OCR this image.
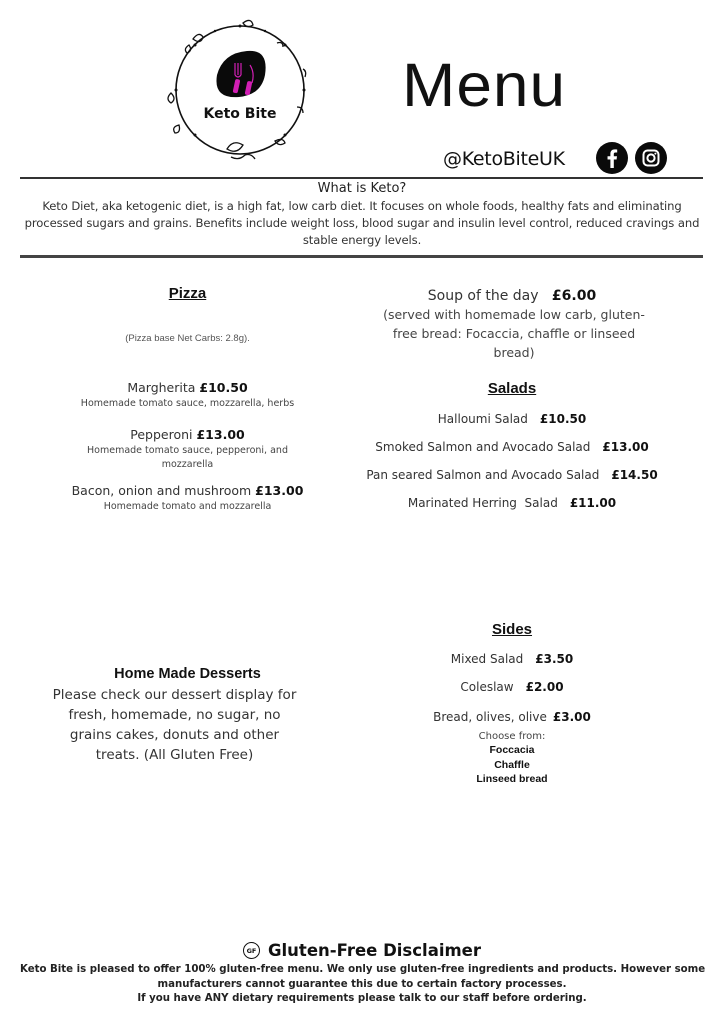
Keto Bite Menu
@KetoBiteUK
What is Keto?
Keto Diet, aka ketogenic diet, is a high fat, low carb diet. It focuses on whole foods, healthy fats and eliminating processed sugars and grains. Benefits include weight loss, blood sugar and insulin level control, reduced cravings and stable energy levels.
Pizza
(Pizza base Net Carbs: 2.8g).
Margherita £10.50
Homemade tomato sauce, mozzarella, herbs
Pepperoni £13.00
Homemade tomato sauce, pepperoni, and mozzarella
Bacon, onion and mushroom £13.00
Homemade tomato and mozzarella
Soup of the day £6.00
(served with homemade low carb, gluten-free bread: Focaccia, chaffle or linseed bread)
Salads
Halloumi Salad £10.50
Smoked Salmon and Avocado Salad £13.00
Pan seared Salmon and Avocado Salad £14.50
Marinated Herring  Salad £11.00
Sides
Mixed Salad £3.50
Coleslaw £2.00
Bread, olives, olive £3.00
Choose from:
Foccacia
Chaffle
Linseed bread
Home Made Desserts
Please check our dessert display for fresh, homemade, no sugar, no grains cakes, donuts and other treats. (All Gluten Free)
GF Gluten-Free Disclaimer
Keto Bite is pleased to offer 100% gluten-free menu. We only use gluten-free ingredients and products. However some
manufacturers cannot guarantee this due to certain factory processes.
If you have ANY dietary requirements please talk to our staff before ordering.
